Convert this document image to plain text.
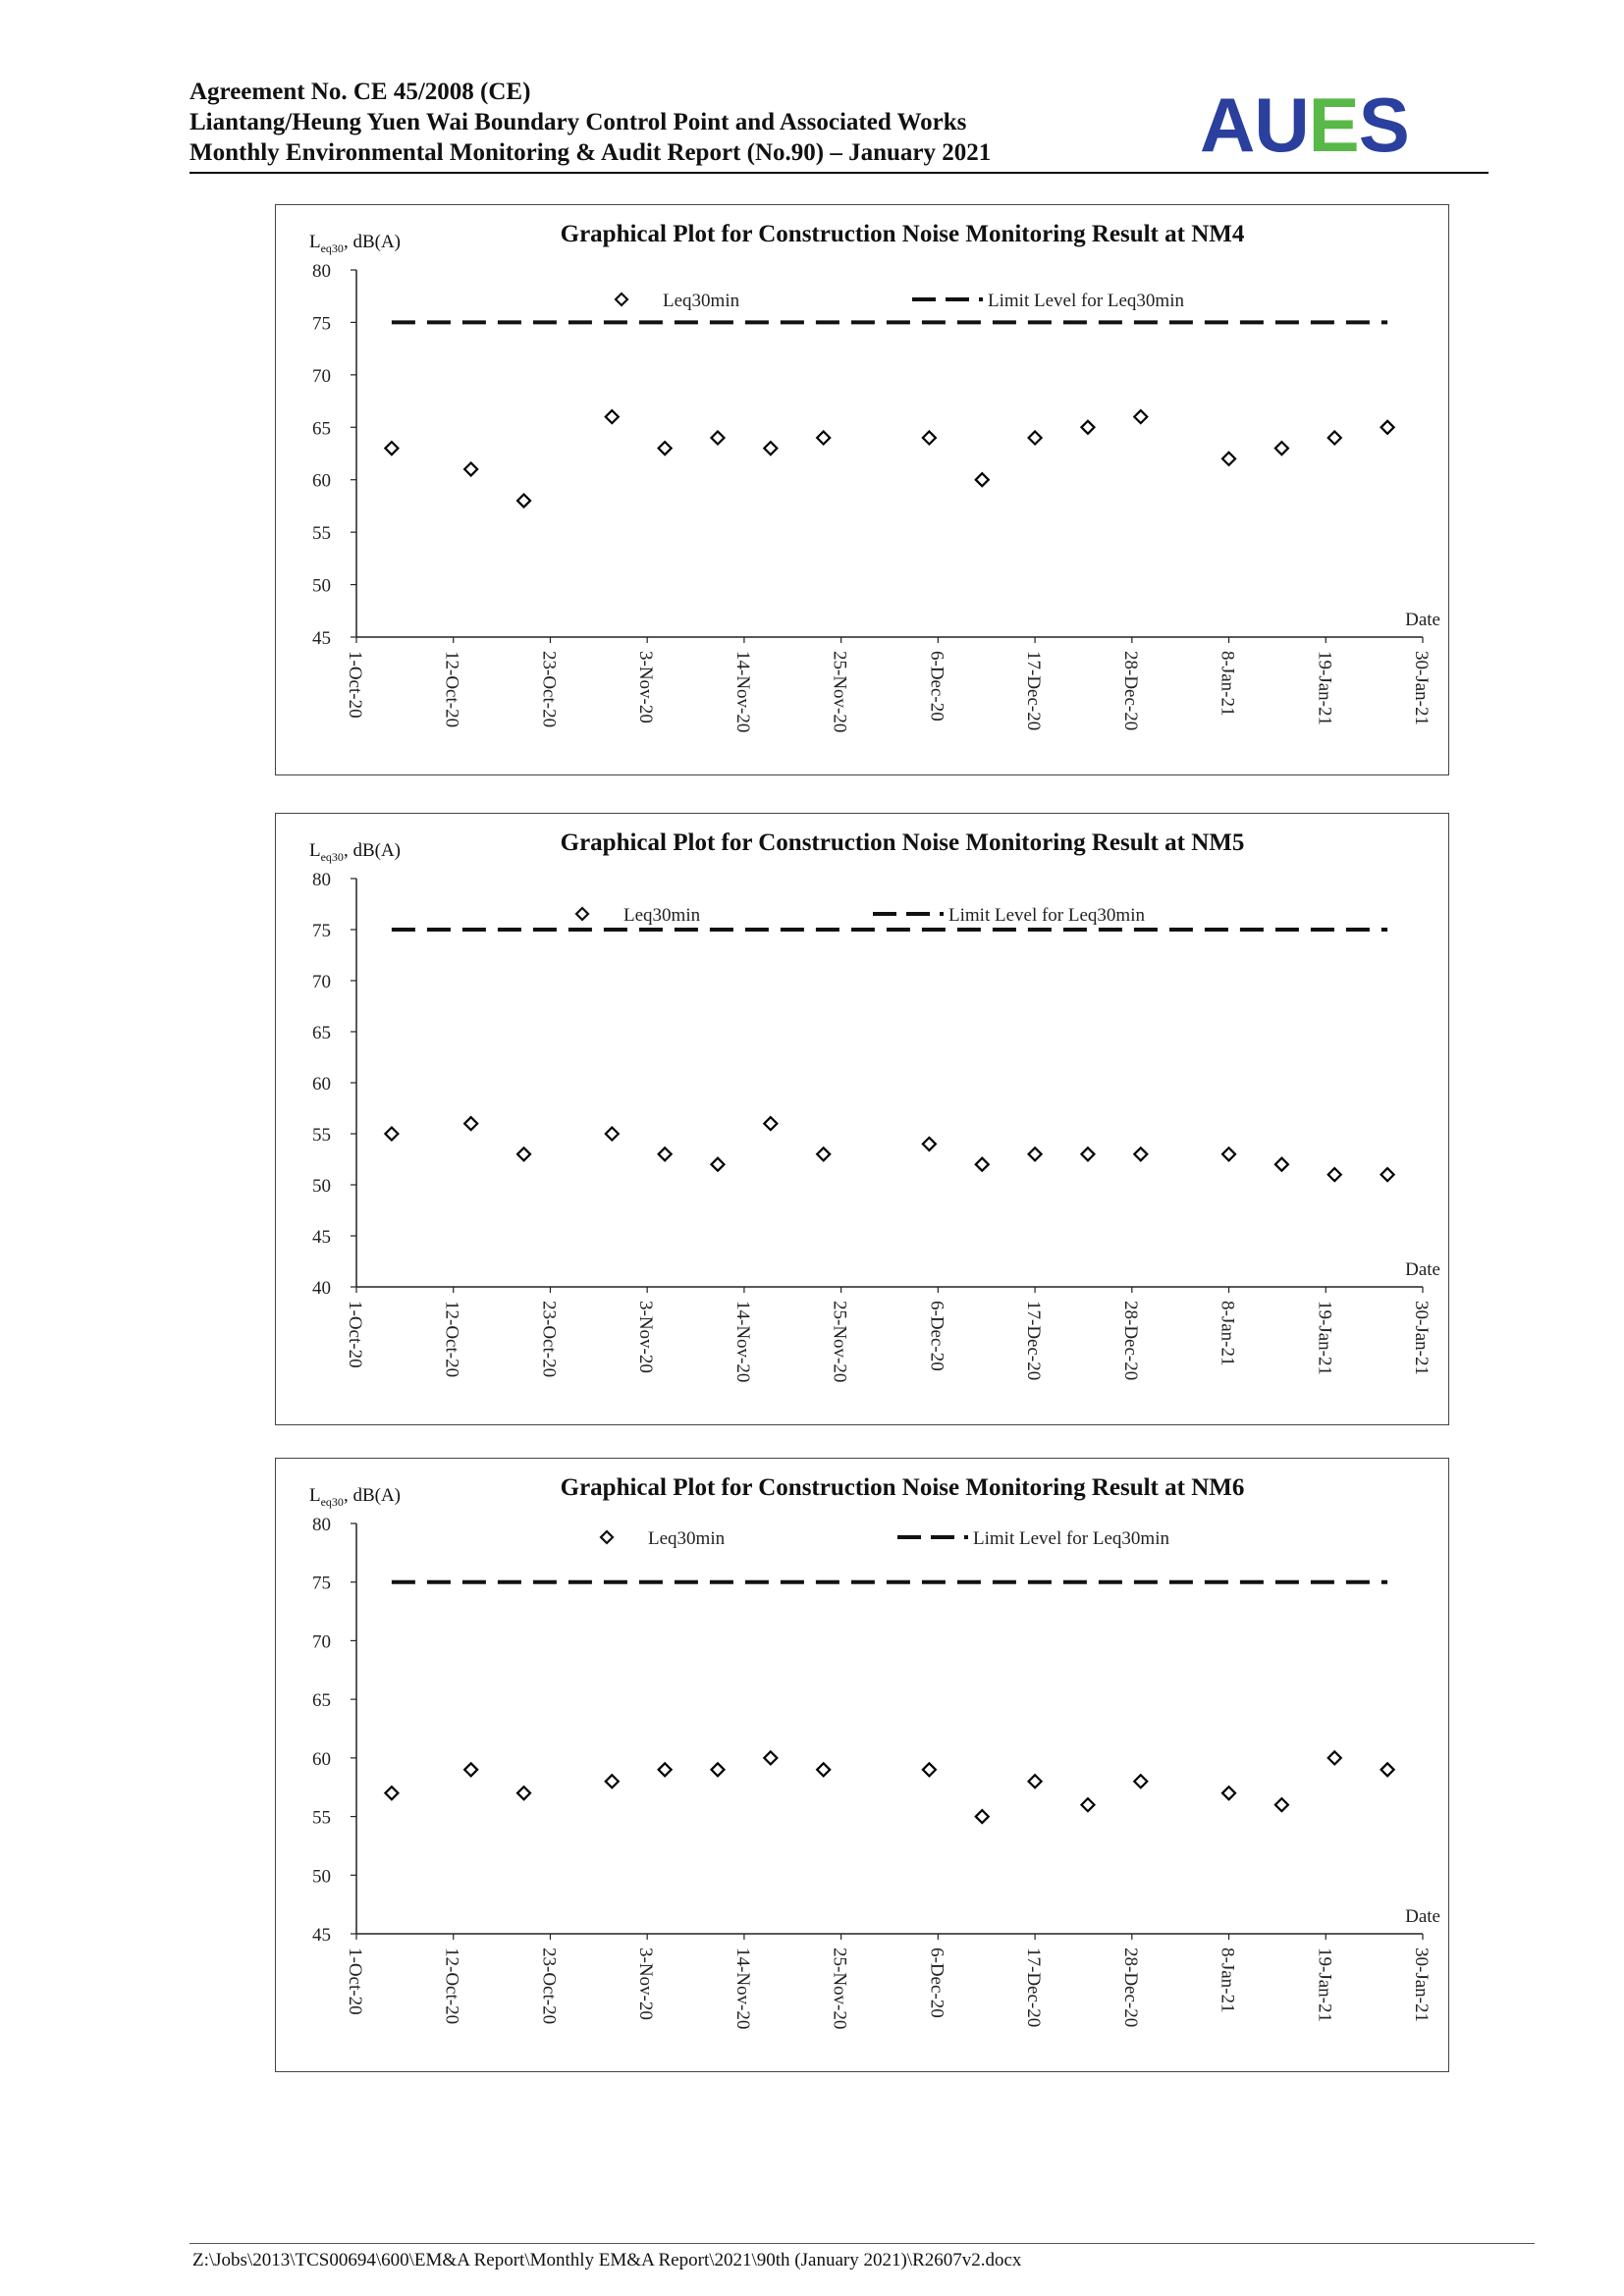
Agreement No. CE 45/2008 (CE)
Liantang/Heung Yuen Wai Boundary Control Point and Associated Works
Monthly Environmental Monitoring & Audit Report (No.90) – January 2021	AUES
Graphical Plot for Construction Noise Monitoring Result at NM4
$L_{eq30}$, dB(A)
45
50
55
60
65
70
75
80
1-Oct-20	12-Oct-20	23-Oct-20	3-Nov-20	14-Nov-20	25-Nov-20	6-Dec-20	17-Dec-20	28-Dec-20	8-Jan-21	19-Jan-21	30-Jan-21
Date
Leq30min	Limit Level for Leq30min
Graphical Plot for Construction Noise Monitoring Result at NM5
$L_{eq30}$, dB(A)
40
45
50
55
60
65
70
75
80
1-Oct-20	12-Oct-20	23-Oct-20	3-Nov-20	14-Nov-20	25-Nov-20	6-Dec-20	17-Dec-20	28-Dec-20	8-Jan-21	19-Jan-21	30-Jan-21
Date
Leq30min	Limit Level for Leq30min
Graphical Plot for Construction Noise Monitoring Result at NM6
$L_{eq30}$, dB(A)
45
50
55
60
65
70
75
80
1-Oct-20	12-Oct-20	23-Oct-20	3-Nov-20	14-Nov-20	25-Nov-20	6-Dec-20	17-Dec-20	28-Dec-20	8-Jan-21	19-Jan-21	30-Jan-21
Date
Leq30min	Limit Level for Leq30min
Z:\Jobs\2013\TCS00694\600\EM&A Report\Monthly EM&A Report\2021\90th (January 2021)\R2607v2.docx
